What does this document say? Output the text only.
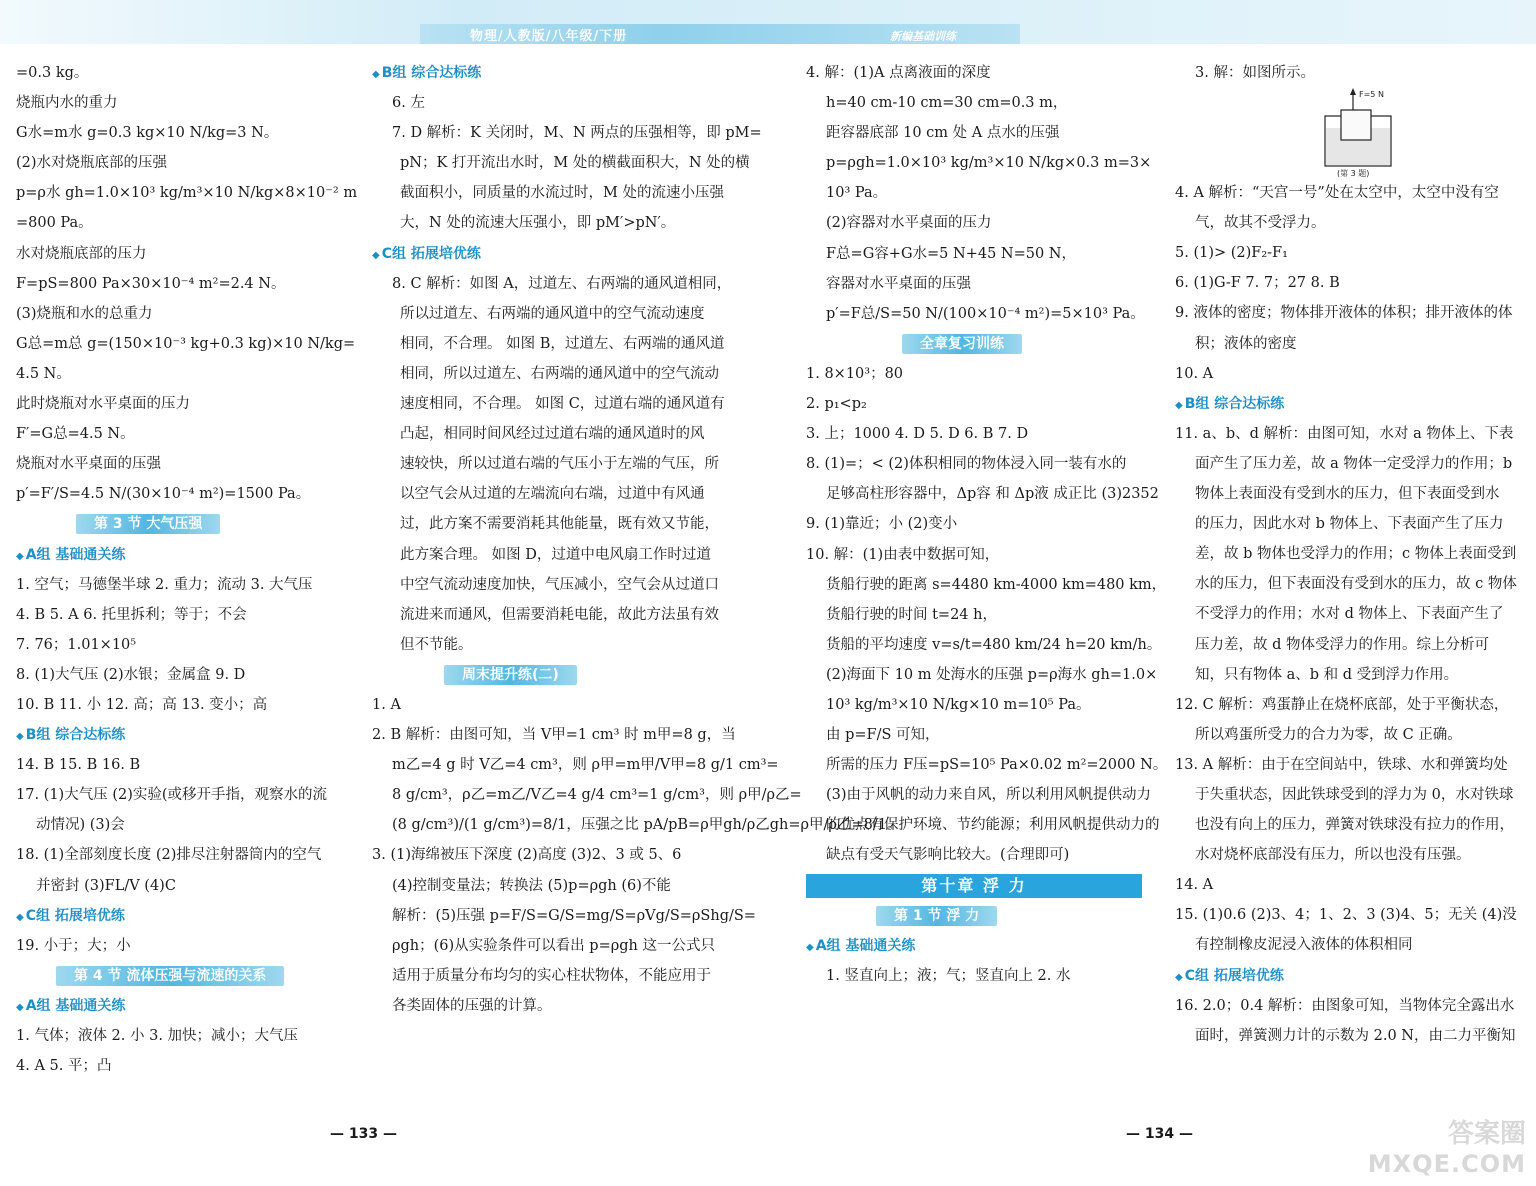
物理/人教版/八年级/下册	新编基础训练
=0.3 kg。
烧瓶内水的重力
G水=m水 g=0.3 kg×10 N/kg=3 N。
(2)水对烧瓶底部的压强
p=ρ水 gh=1.0×10³ kg/m³×10 N/kg×8×10⁻² m
=800 Pa。
水对烧瓶底部的压力
F=pS=800 Pa×30×10⁻⁴ m²=2.4 N。
(3)烧瓶和水的总重力
G总=m总 g=(150×10⁻³ kg+0.3 kg)×10 N/kg=
4.5 N。
此时烧瓶对水平桌面的压力
F′=G总=4.5 N。
烧瓶对水平桌面的压强
p′=F′/S=4.5 N/(30×10⁻⁴ m²)=1500 Pa。
第 3 节 大气压强
◆ A组 基础通关练
1. 空气；马德堡半球 2. 重力；流动 3. 大气压
4. B 5. A 6. 托里拆利；等于；不会
7. 76；1.01×10⁵
8. (1)大气压 (2)水银；金属盒 9. D
10. B 11. 小 12. 高；高 13. 变小；高
◆ B组 综合达标练
14. B 15. B 16. B
17. (1)大气压 (2)实验(或移开手指，观察水的流
动情况) (3)会
18. (1)全部刻度长度 (2)排尽注射器筒内的空气
并密封 (3)FL/V (4)C
◆ C组 拓展培优练
19. 小于；大；小
第 4 节 流体压强与流速的关系
◆ A组 基础通关练
1. 气体；液体 2. 小 3. 加快；减小；大气压
4. A 5. 平；凸
◆ B组 综合达标练
6. 左
7. D 解析：K 关闭时，M、N 两点的压强相等，即 pM=
pN；K 打开流出水时，M 处的横截面积大，N 处的横
截面积小，同质量的水流过时，M 处的流速小压强
大，N 处的流速大压强小，即 pM′>pN′。
◆ C组 拓展培优练
8. C 解析：如图 A，过道左、右两端的通风道相同，
所以过道左、右两端的通风道中的空气流动速度
相同，不合理。 如图 B，过道左、右两端的通风道
相同，所以过道左、右两端的通风道中的空气流动
速度相同，不合理。 如图 C，过道右端的通风道有
凸起，相同时间风经过过道右端的通风道时的风
速较快，所以过道右端的气压小于左端的气压，所
以空气会从过道的左端流向右端，过道中有风通
过，此方案不需要消耗其他能量，既有效又节能，
此方案合理。 如图 D，过道中电风扇工作时过道
中空气流动速度加快，气压减小，空气会从过道口
流进来而通风，但需要消耗电能，故此方法虽有效
但不节能。
周末提升练(二)
1. A
2. B 解析：由图可知，当 V甲=1 cm³ 时 m甲=8 g，当
m乙=4 g 时 V乙=4 cm³，则 ρ甲=m甲/V甲=8 g/1 cm³=
8 g/cm³，ρ乙=m乙/V乙=4 g/4 cm³=1 g/cm³，则 ρ甲/ρ乙=
(8 g/cm³)/(1 g/cm³)=8/1，压强之比 pA/pB=ρ甲gh/ρ乙gh=ρ甲/ρ乙=8/1。
3. (1)海绵被压下深度 (2)高度 (3)2、3 或 5、6
(4)控制变量法；转换法 (5)p=ρgh (6)不能
解析：(5)压强 p=F/S=G/S=mg/S=ρVg/S=ρShg/S=
ρgh；(6)从实验条件可以看出 p=ρgh 这一公式只
适用于质量分布均匀的实心柱状物体，不能应用于
各类固体的压强的计算。
4. 解：(1)A 点离液面的深度
h=40 cm-10 cm=30 cm=0.3 m，
距容器底部 10 cm 处 A 点水的压强
p=ρgh=1.0×10³ kg/m³×10 N/kg×0.3 m=3×
10³ Pa。
(2)容器对水平桌面的压力
F总=G容+G水=5 N+45 N=50 N，
容器对水平桌面的压强
p′=F总/S=50 N/(100×10⁻⁴ m²)=5×10³ Pa。
全章复习训练
1. 8×10³；80
2. p₁<p₂
3. 上；1000 4. D 5. D 6. B 7. D
8. (1)=；< (2)体积相同的物体浸入同一装有水的
足够高柱形容器中，Δp容 和 Δp液 成正比 (3)2352
9. (1)靠近；小 (2)变小
10. 解：(1)由表中数据可知，
货船行驶的距离 s=4480 km-4000 km=480 km，
货船行驶的时间 t=24 h，
货船的平均速度 v=s/t=480 km/24 h=20 km/h。
(2)海面下 10 m 处海水的压强 p=ρ海水 gh=1.0×
10³ kg/m³×10 N/kg×10 m=10⁵ Pa。
由 p=F/S 可知，
所需的压力 F压=pS=10⁵ Pa×0.02 m²=2000 N。
(3)由于风帆的动力来自风，所以利用风帆提供动力
的优点有保护环境、节约能源；利用风帆提供动力的
缺点有受天气影响比较大。(合理即可)
第十章 浮 力
第 1 节 浮 力
◆ A组 基础通关练
1. 竖直向上；液；气；竖直向上 2. 水
3. 解：如图所示。
F=5 N
(第 3 题)
4. A 解析：“天宫一号”处在太空中，太空中没有空
气，故其不受浮力。
5. (1)> (2)F₂-F₁
6. (1)G-F 7. 7；27 8. B
9. 液体的密度；物体排开液体的体积；排开液体的体
积；液体的密度
10. A
◆ B组 综合达标练
11. a、b、d 解析：由图可知，水对 a 物体上、下表
面产生了压力差，故 a 物体一定受浮力的作用；b
物体上表面没有受到水的压力，但下表面受到水
的压力，因此水对 b 物体上、下表面产生了压力
差，故 b 物体也受浮力的作用；c 物体上表面受到
水的压力，但下表面没有受到水的压力，故 c 物体
不受浮力的作用；水对 d 物体上、下表面产生了
压力差，故 d 物体受浮力的作用。综上分析可
知，只有物体 a、b 和 d 受到浮力作用。
12. C 解析：鸡蛋静止在烧杯底部，处于平衡状态，
所以鸡蛋所受力的合力为零，故 C 正确。
13. A 解析：由于在空间站中，铁球、水和弹簧均处
于失重状态，因此铁球受到的浮力为 0，水对铁球
也没有向上的压力，弹簧对铁球没有拉力的作用，
水对烧杯底部没有压力，所以也没有压强。
14. A
15. (1)0.6 (2)3、4；1、2、3 (3)4、5；无关 (4)没
有控制橡皮泥浸入液体的体积相同
◆ C组 拓展培优练
16. 2.0；0.4 解析：由图象可知，当物体完全露出水
面时，弹簧测力计的示数为 2.0 N，由二力平衡知
— 133 —	— 134 —	答案圈
MXQE.COM
